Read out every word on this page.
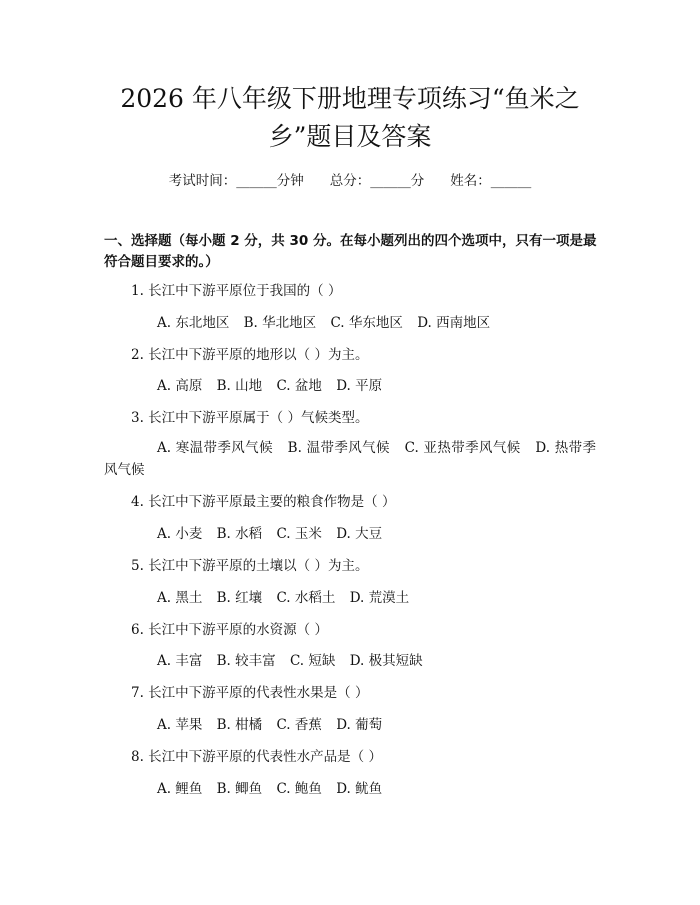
2026 年八年级下册地理专项练习“鱼米之
乡”题目及答案
考试时间：______分钟 总分：______分 姓名：______

一、选择题（每小题 2 分，共 30 分。在每小题列出的四个选项中，只有一项是最符合题目要求的。）

1. 长江中下游平原位于我国的（ ）
A. 东北地区 B. 华北地区 C. 华东地区 D. 西南地区
2. 长江中下游平原的地形以（ ）为主。
A. 高原 B. 山地 C. 盆地 D. 平原
3. 长江中下游平原属于（ ）气候类型。
A. 寒温带季风气候 B. 温带季风气候 C. 亚热带季风气候 D. 热带季风气候
4. 长江中下游平原最主要的粮食作物是（ ）
A. 小麦 B. 水稻 C. 玉米 D. 大豆
5. 长江中下游平原的土壤以（ ）为主。
A. 黑土 B. 红壤 C. 水稻土 D. 荒漠土
6. 长江中下游平原的水资源（ ）
A. 丰富 B. 较丰富 C. 短缺 D. 极其短缺
7. 长江中下游平原的代表性水果是（ ）
A. 苹果 B. 柑橘 C. 香蕉 D. 葡萄
8. 长江中下游平原的代表性水产品是（ ）
A. 鲤鱼 B. 鲫鱼 C. 鲍鱼 D. 鱿鱼
